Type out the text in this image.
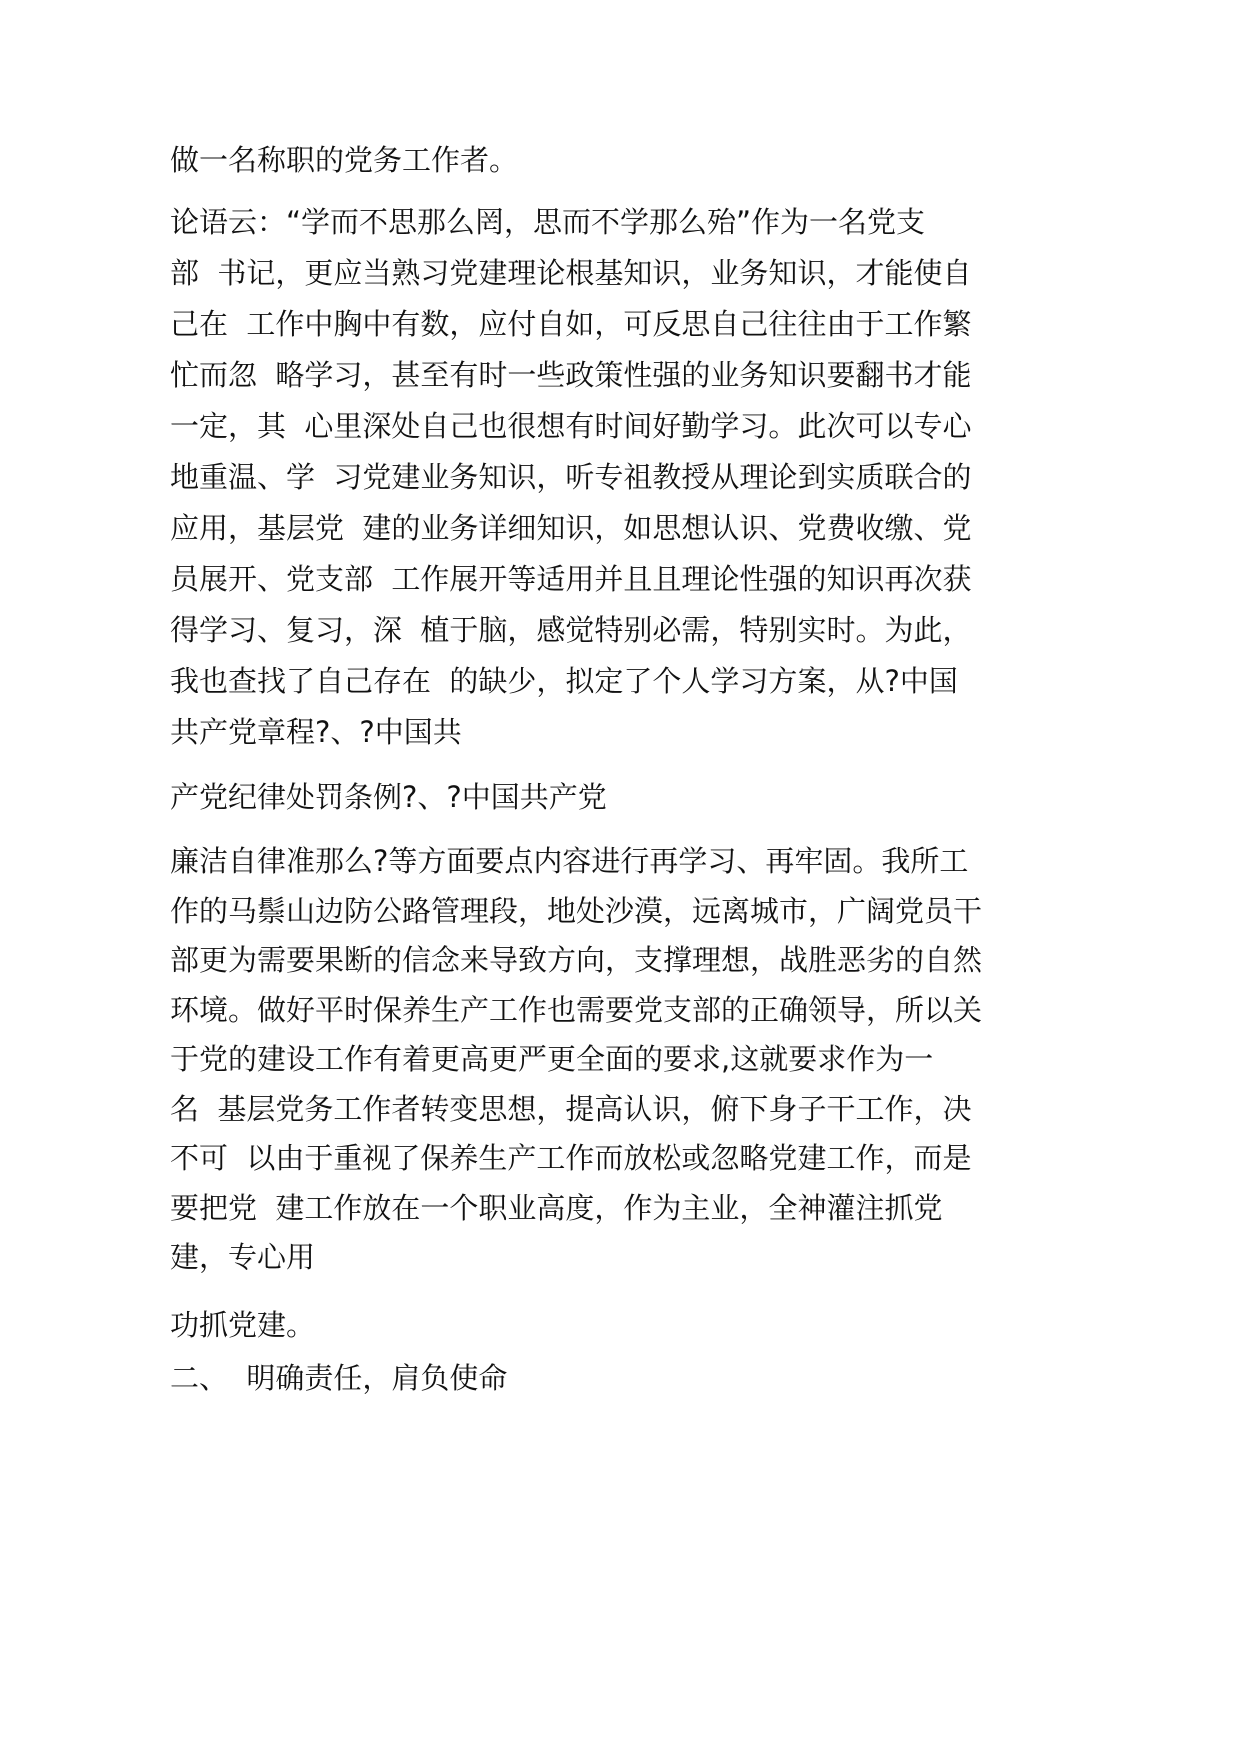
做一名称职的党务工作者。
论语云：“学而不思那么罔，思而不学那么殆”作为一名党支
部  书记，更应当熟习党建理论根基知识，业务知识，才能使自
己在  工作中胸中有数，应付自如，可反思自己往往由于工作繁
忙而忽  略学习，甚至有时一些政策性强的业务知识要翻书才能
一定，其  心里深处自己也很想有时间好勤学习。此次可以专心
地重温、学  习党建业务知识，听专祖教授从理论到实质联合的
应用，基层党  建的业务详细知识，如思想认识、党费收缴、党
员展开、党支部  工作展开等适用并且且理论性强的知识再次获
得学习、复习，深  植于脑，感觉特别必需，特别实时。为此，
我也查找了自己存在  的缺少，拟定了个人学习方案，从?中国
共产党章程?、?中国共
产党纪律处罚条例?、?中国共产党
廉洁自律准那么?等方面要点内容进行再学习、再牢固。我所工
作的马鬃山边防公路管理段，地处沙漠，远离城市，广阔党员干
部更为需要果断的信念来导致方向，支撑理想，战胜恶劣的自然
环境。做好平时保养生产工作也需要党支部的正确领导，所以关
于党的建设工作有着更高更严更全面的要求,这就要求作为一
名  基层党务工作者转变思想，提高认识，俯下身子干工作，决
不可  以由于重视了保养生产工作而放松或忽略党建工作，而是
要把党  建工作放在一个职业高度，作为主业，全神灌注抓党
建，专心用
功抓党建。
二、  明确责任，肩负使命
